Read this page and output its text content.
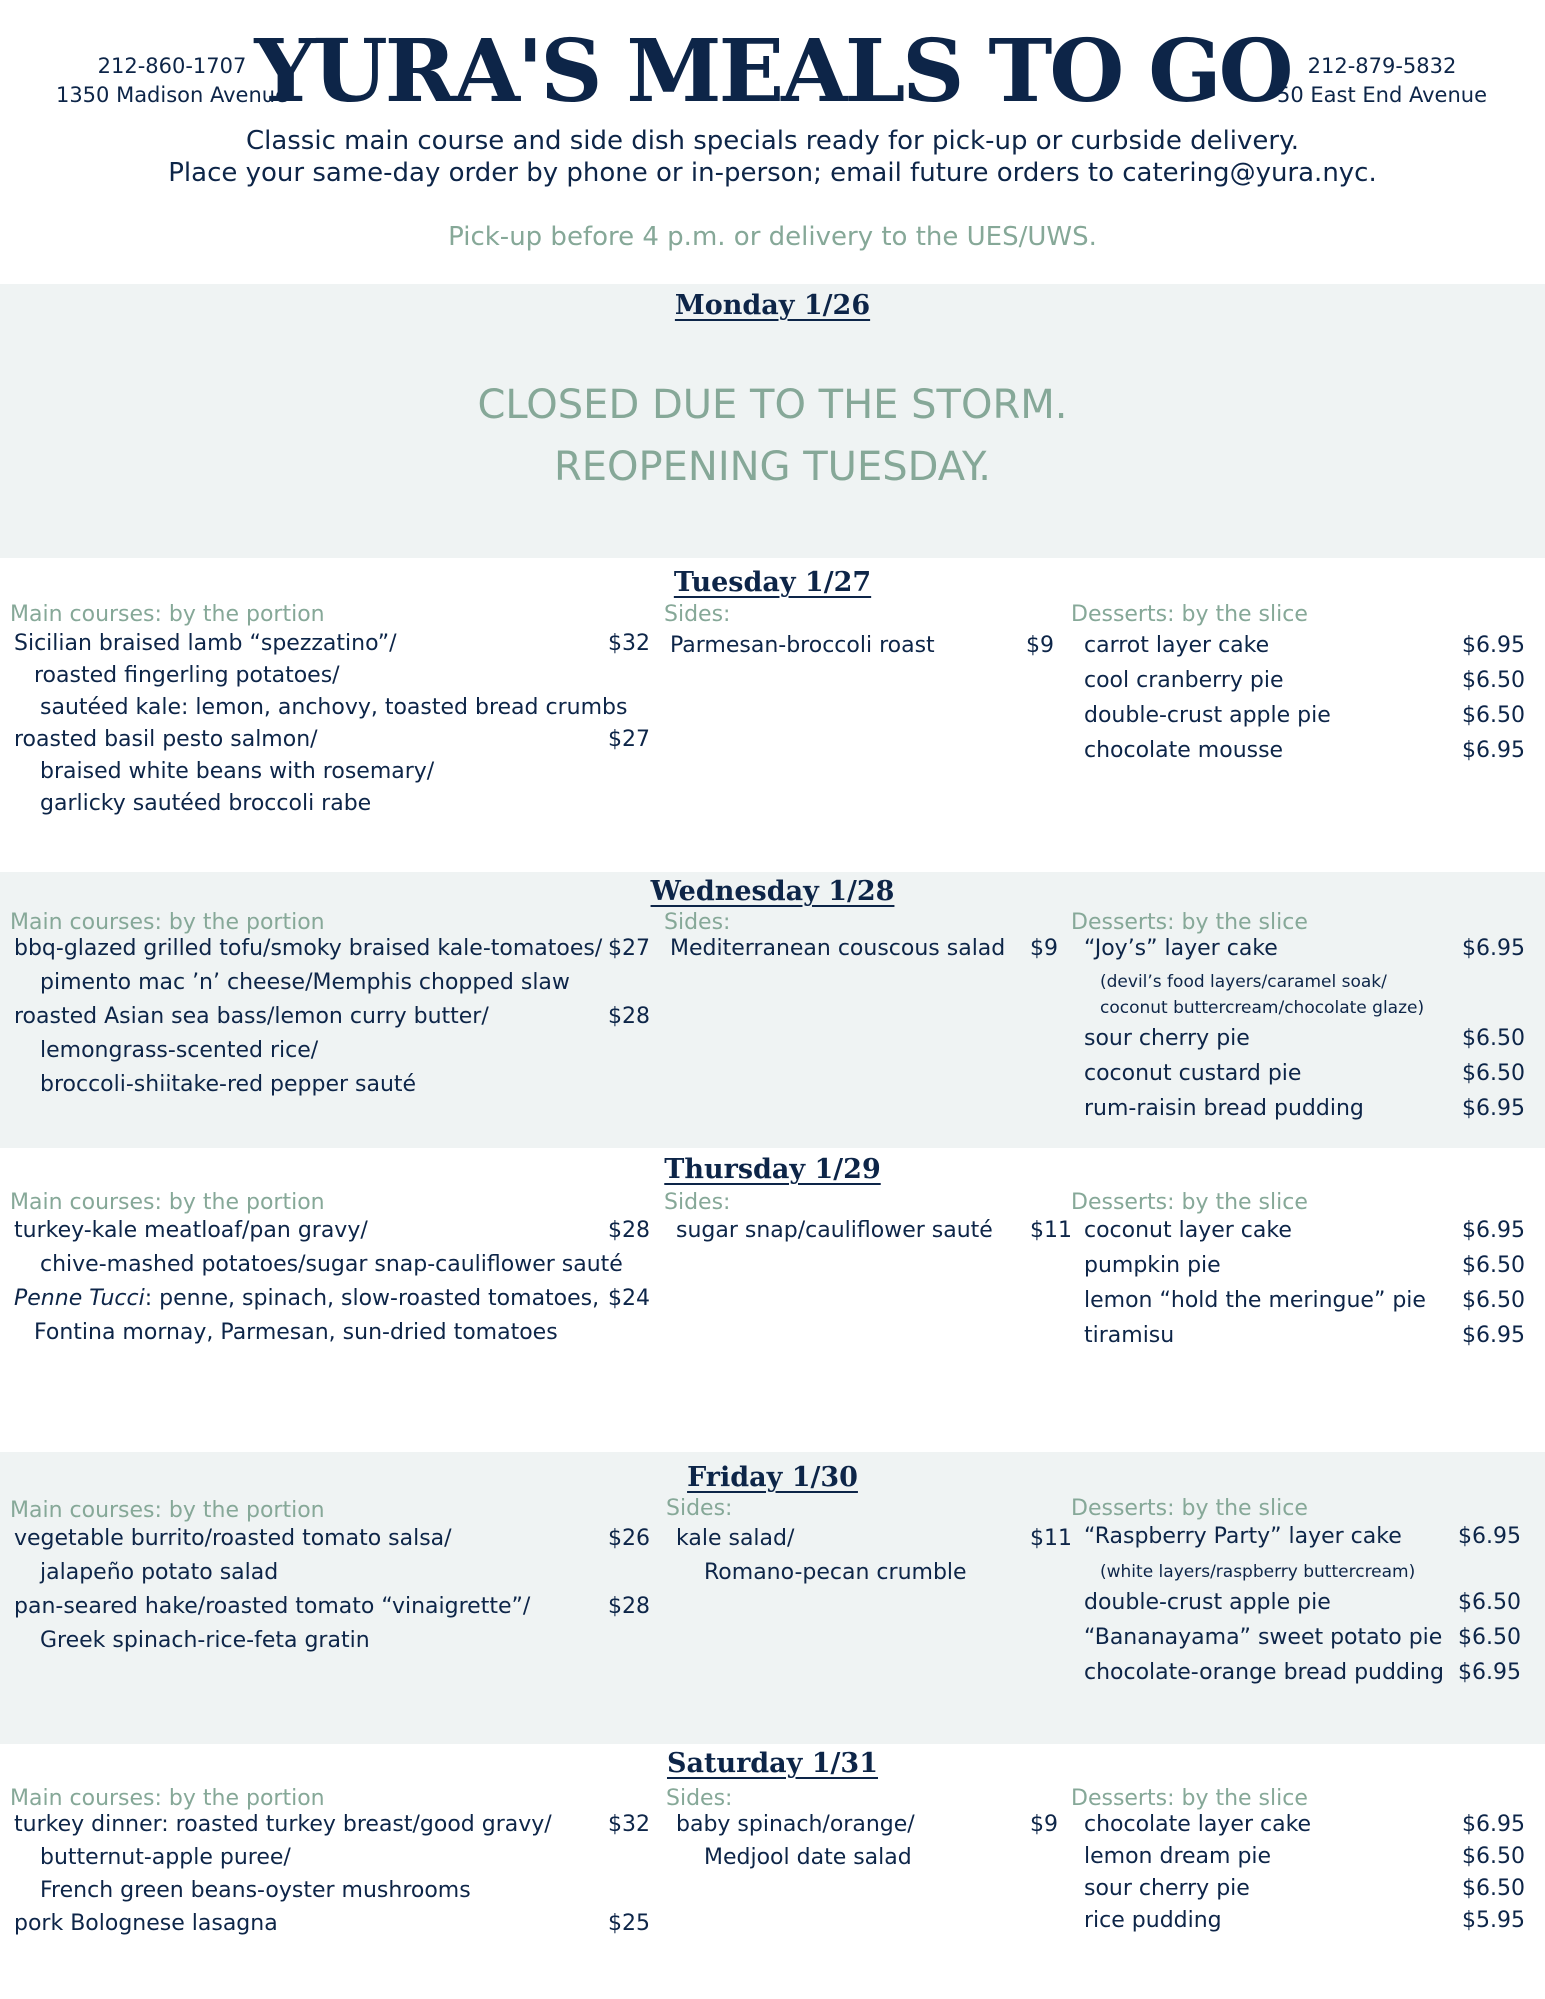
212-860-1707
1350 Madison Avenue
YURA'S MEALS TO GO 212-879-5832
50 East End Avenue
Classic main course and side dish specials ready for pick-up or curbside delivery.
Place your same-day order by phone or in-person; email future orders to catering@yura.nyc.
Pick-up before 4 p.m. or delivery to the UES/UWS.
Monday 1/26
CLOSED DUE TO THE STORM.
REOPENING TUESDAY.
Tuesday 1/27
Main courses: by the portion
Sicilian braised lamb “spezzatino”/	$32
roasted fingerling potatoes/
sautéed kale: lemon, anchovy, toasted bread crumbs
roasted basil pesto salmon/	$27
braised white beans with rosemary/
garlicky sautéed broccoli rabe
Sides:
Parmesan-broccoli roast	$9
Desserts: by the slice
carrot layer cake	$6.95
cool cranberry pie	$6.50
double-crust apple pie	$6.50
chocolate mousse	$6.95
Wednesday 1/28
Main courses: by the portion
bbq-glazed grilled tofu/smoky braised kale-tomatoes/ $27
pimento mac ’n’ cheese/Memphis chopped slaw
roasted Asian sea bass/lemon curry butter/	$28
lemongrass-scented rice/
broccoli-shiitake-red pepper sauté
Sides:
Mediterranean couscous salad $9
Desserts: by the slice
“Joy’s” layer cake	$6.95
(devil’s food layers/caramel soak/
coconut buttercream/chocolate glaze)
sour cherry pie	$6.50
coconut custard pie	$6.50
rum-raisin bread pudding	$6.95
Thursday 1/29
Main courses: by the portion
turkey-kale meatloaf/pan gravy/	$28
chive-mashed potatoes/sugar snap-cauliflower sauté
Penne Tucci: penne, spinach, slow-roasted tomatoes, $24
Fontina mornay, Parmesan, sun-dried tomatoes
Sides:
sugar snap/cauliflower sauté $11
Desserts: by the slice
coconut layer cake	$6.95
pumpkin pie	$6.50
lemon “hold the meringue” pie $6.50
tiramisu	$6.95
Friday 1/30
Main courses: by the portion
vegetable burrito/roasted tomato salsa/	$26
jalapeño potato salad
pan-seared hake/roasted tomato “vinaigrette”/	$28
Greek spinach-rice-feta gratin
Sides:
kale salad/	$11
Romano-pecan crumble
Desserts: by the slice
“Raspberry Party” layer cake	$6.95
(white layers/raspberry buttercream)
double-crust apple pie	$6.50
“Bananayama” sweet potato pie $6.50
chocolate-orange bread pudding $6.95
Saturday 1/31
Main courses: by the portion
turkey dinner: roasted turkey breast/good gravy/	$32
butternut-apple puree/
French green beans-oyster mushrooms
pork Bolognese lasagna	$25
Sides:
baby spinach/orange/	$9
Medjool date salad
Desserts: by the slice
chocolate layer cake	$6.95
lemon dream pie	$6.50
sour cherry pie	$6.50
rice pudding	$5.95
